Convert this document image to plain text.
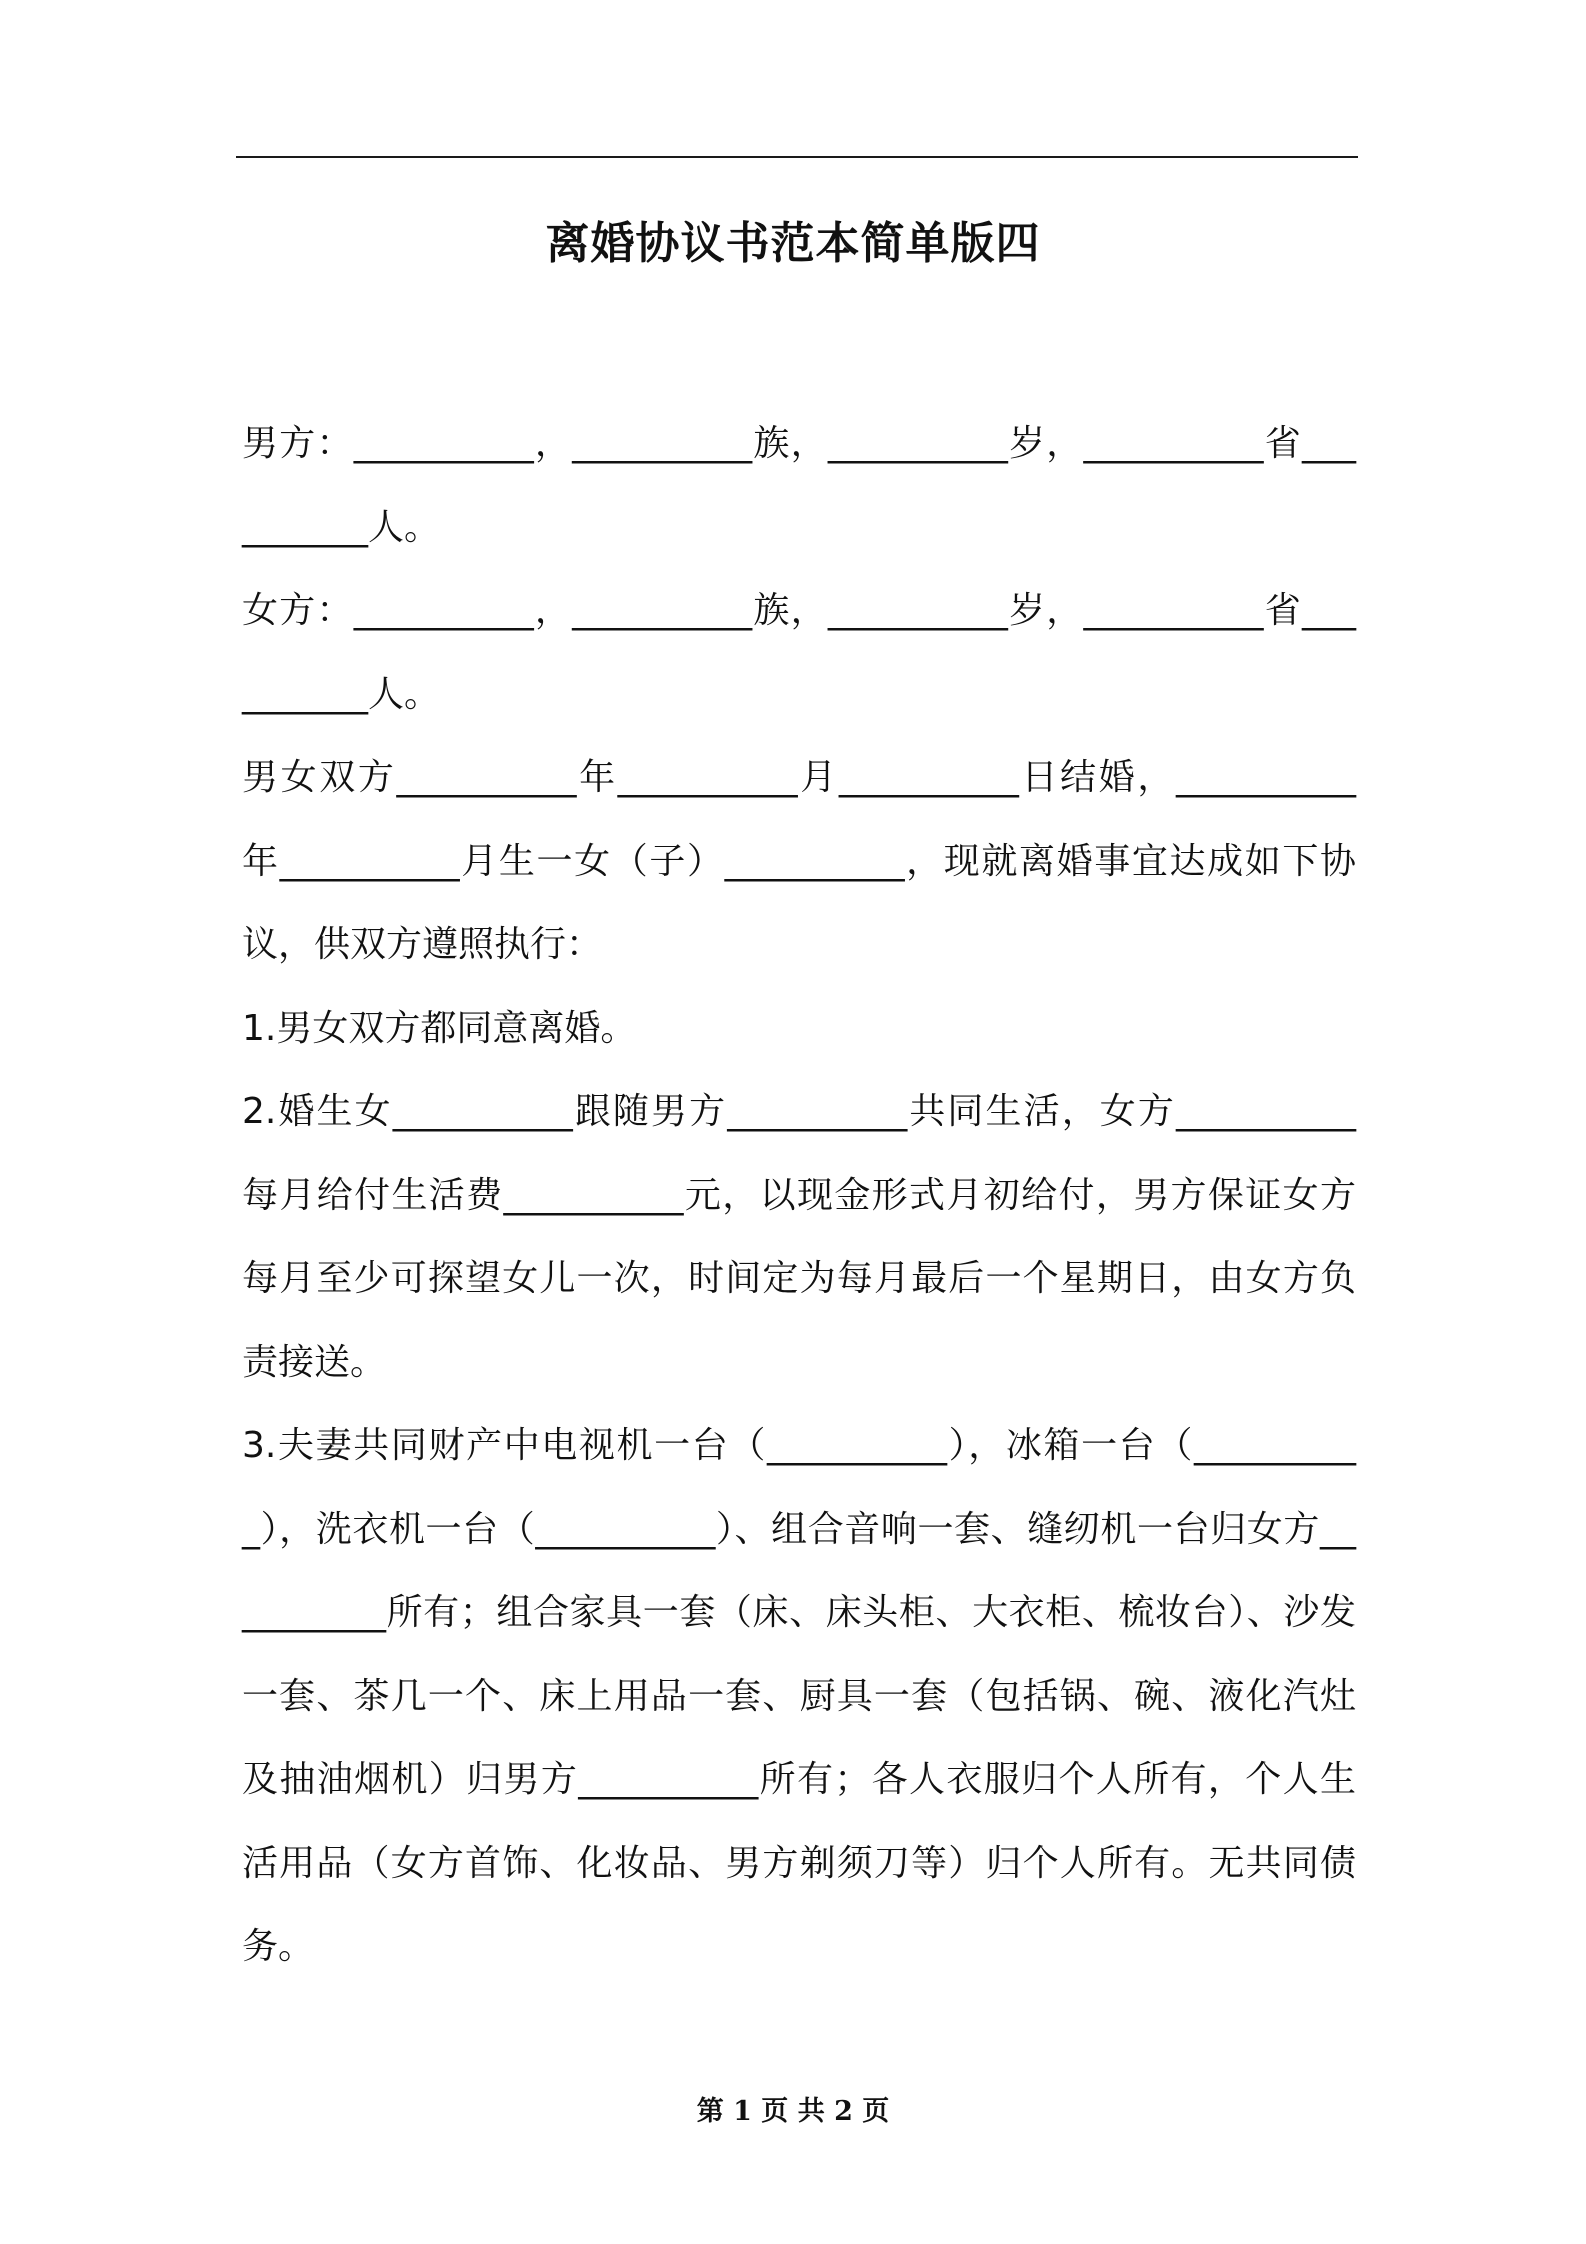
离婚协议书范本简单版四

男方：__________，__________族，__________岁，__________省__________人。

女方：__________，__________族，__________岁，__________省__________人。

男女双方__________年__________月__________日结婚，__________年__________月生一女（子）__________，现就离婚事宜达成如下协议，供双方遵照执行：

1.男女双方都同意离婚。

2.婚生女__________跟随男方__________共同生活，女方__________每月给付生活费__________元，以现金形式月初给付，男方保证女方每月至少可探望女儿一次，时间定为每月最后一个星期日，由女方负责接送。

3.夫妻共同财产中电视机一台（__________），冰箱一台（__________），洗衣机一台（__________）、组合音响一套、缝纫机一台归女方__________所有；组合家具一套（床、床头柜、大衣柜、梳妆台）、沙发一套、茶几一个、床上用品一套、厨具一套（包括锅、碗、液化汽灶及抽油烟机）归男方__________所有；各人衣服归个人所有，个人生活用品（女方首饰、化妆品、男方剃须刀等）归个人所有。无共同债务。

第 1 页 共 2 页
